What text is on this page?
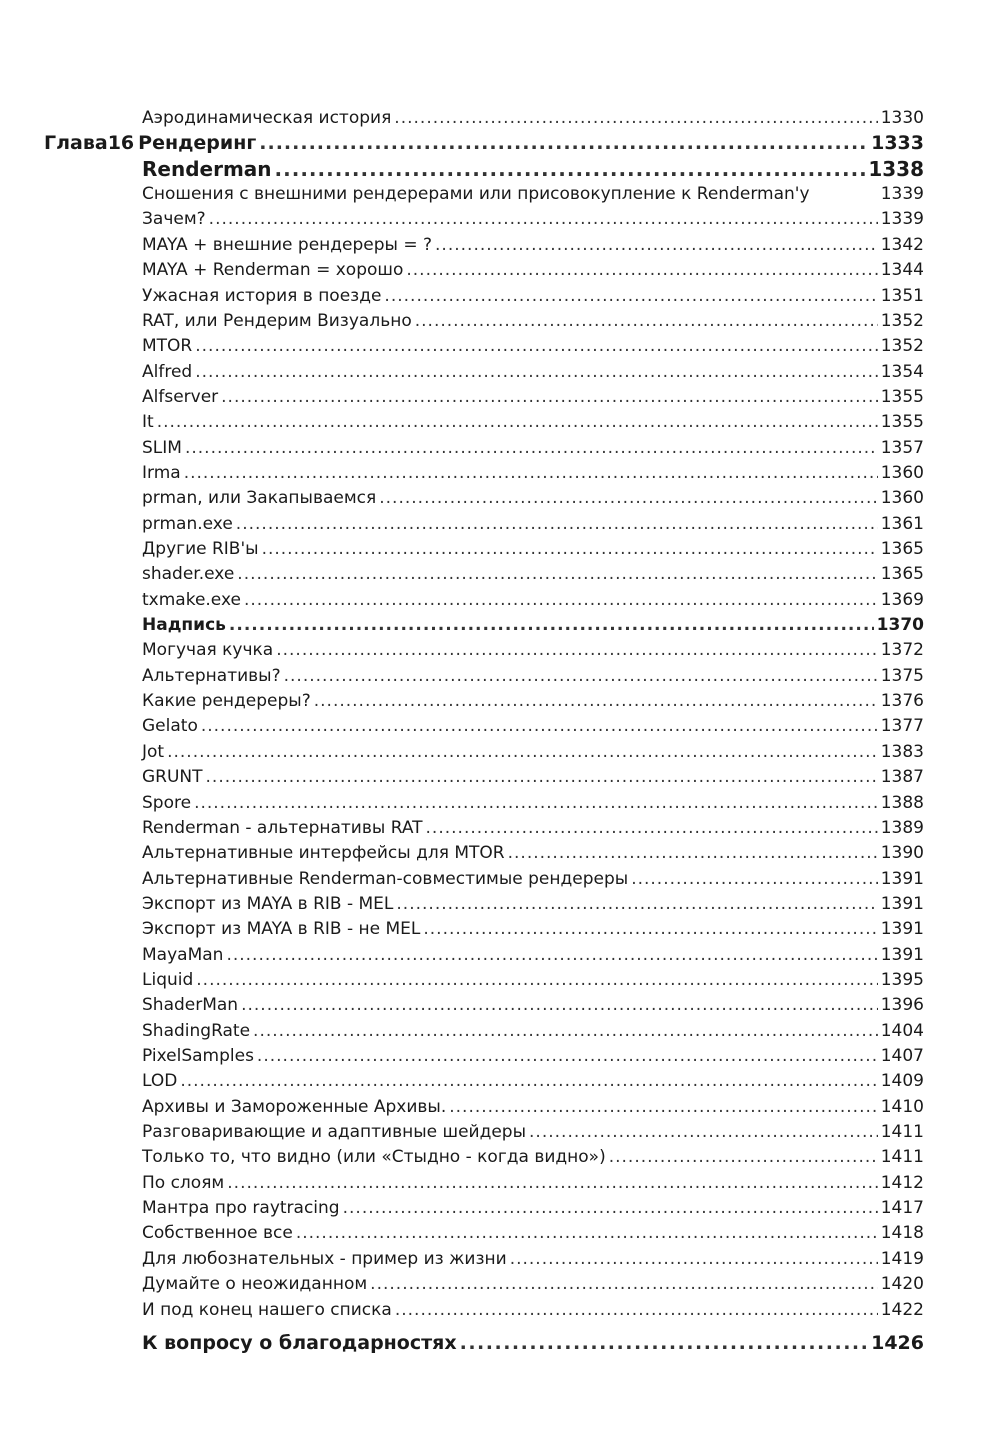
Аэродинамическая история .....	1330
Глава16 Рендеринг .....	1333
Renderman .....	1338
Сношения с внешними рендерерами или присовокупление к Renderman'у	1339
Зачем? .....	1339
MAYA + внешние рендереры = ? .....	1342
MAYA + Renderman = хорошо .....	1344
Ужасная история в поезде .....	1351
RAT, или Рендерим Визуально .....	1352
MTOR .....	1352
Alfred .....	1354
Alfserver .....	1355
It .....	1355
SLIM .....	1357
Irma .....	1360
prman, или Закапываемся .....	1360
prman.exe .....	1361
Другие RIB'ы .....	1365
shader.exe .....	1365
txmake.exe .....	1369
Надпись .....	1370
Могучая кучка .....	1372
Альтернативы? .....	1375
Какие рендереры? .....	1376
Gelato .....	1377
Jot .....	1383
GRUNT .....	1387
Spore .....	1388
Renderman - альтернативы RAT .....	1389
Альтернативные интерфейсы для MTOR .....	1390
Альтернативные Renderman-совместимые рендереры .....	1391
Экспорт из MAYA в RIB - MEL .....	1391
Экспорт из MAYA в RIB - не MEL .....	1391
MayaMan .....	1391
Liquid .....	1395
ShaderMan .....	1396
ShadingRate .....	1404
PixelSamples .....	1407
LOD .....	1409
Архивы и Замороженные Архивы. .....	1410
Разговаривающие и адаптивные шейдеры .....	1411
Только то, что видно (или «Стыдно - когда видно») .....	1411
По слоям .....	1412
Мантра про raytracing .....	1417
Собственное все .....	1418
Для любознательных - пример из жизни .....	1419
Думайте о неожиданном .....	1420
И под конец нашего списка .....	1422
К вопросу о благодарностях .....	1426
